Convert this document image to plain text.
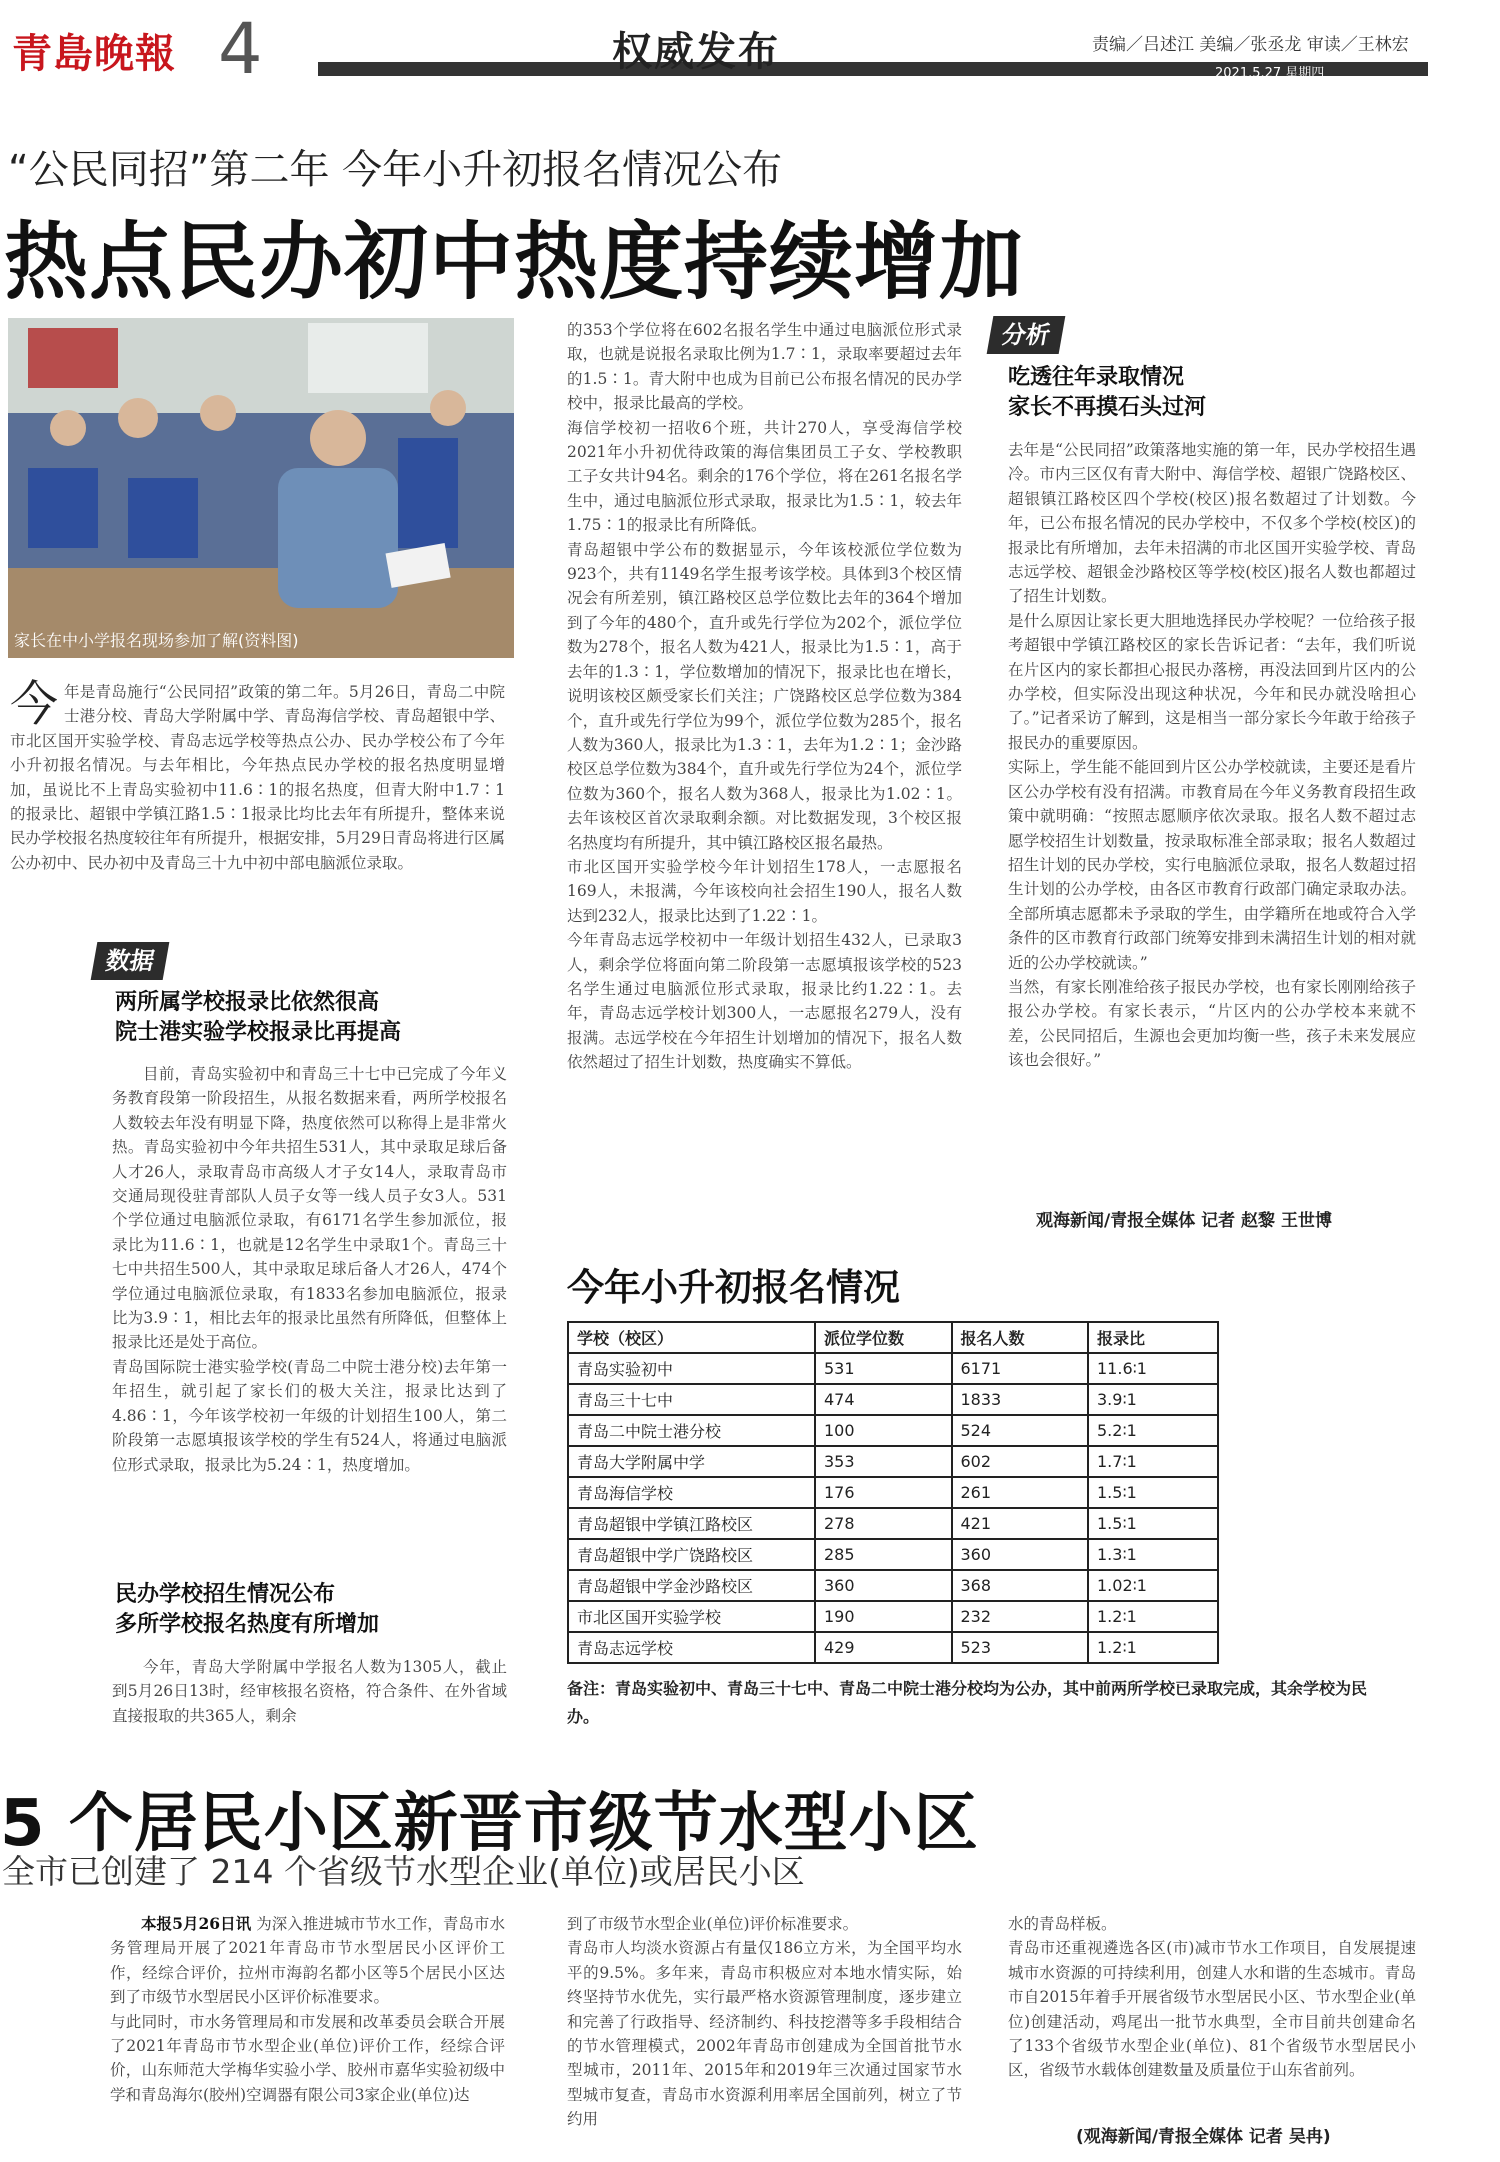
青島晚報 4	权威发布	责编／吕述江 美编／张丞龙 审读／王林宏
2021.5.27 星期四
“公民同招”第二年 今年小升初报名情况公布
热点民办初中热度持续增加
家长在中小学报名现场参加了解(资料图)
今 年是青岛施行“公民同招”政策的第二年。5月26日，青岛二中院士港分校、青岛大学附属中学、青岛海信学校、青岛超银中学、市北区国开实验学校、青岛志远学校等热点公办、民办学校公布了今年小升初报名情况。与去年相比，今年热点民办学校的报名热度明显增加，虽说比不上青岛实验初中11.6∶1的报名热度，但青大附中1.7∶1的报录比、超银中学镇江路1.5∶1报录比均比去年有所提升，整体来说民办学校报名热度较往年有所提升，根据安排，5月29日青岛将进行区属公办初中、民办初中及青岛三十九中初中部电脑派位录取。
数据
两所属学校报录比依然很高
院士港实验学校报录比再提高
目前，青岛实验初中和青岛三十七中已完成了今年义务教育段第一阶段招生，从报名数据来看，两所学校报名人数较去年没有明显下降，热度依然可以称得上是非常火热。青岛实验初中今年共招生531人，其中录取足球后备人才26人，录取青岛市高级人才子女14人，录取青岛市交通局现役驻青部队人员子女等一线人员子女3人。531个学位通过电脑派位录取，有6171名学生参加派位，报录比为11.6∶1，也就是12名学生中录取1个。青岛三十七中共招生500人，其中录取足球后备人才26人，474个学位通过电脑派位录取，有1833名参加电脑派位，报录比为3.9∶1，相比去年的报录比虽然有所降低，但整体上报录比还是处于高位。
青岛国际院士港实验学校(青岛二中院士港分校)去年第一年招生，就引起了家长们的极大关注，报录比达到了4.86∶1，今年该学校初一年级的计划招生100人，第二阶段第一志愿填报该学校的学生有524人，将通过电脑派位形式录取，报录比为5.24∶1，热度增加。
民办学校招生情况公布
多所学校报名热度有所增加
今年，青岛大学附属中学报名人数为1305人，截止到5月26日13时，经审核报名资格，符合条件、在外省域直接报取的共365人，剩余
的353个学位将在602名报名学生中通过电脑派位形式录取，也就是说报名录取比例为1.7∶1，录取率要超过去年的1.5∶1。青大附中也成为目前已公布报名情况的民办学校中，报录比最高的学校。
海信学校初一招收6个班，共计270人，享受海信学校2021年小升初优待政策的海信集团员工子女、学校教职工子女共计94名。剩余的176个学位，将在261名报名学生中，通过电脑派位形式录取，报录比为1.5∶1，较去年1.75∶1的报录比有所降低。
青岛超银中学公布的数据显示，今年该校派位学位数为923个，共有1149名学生报考该学校。具体到3个校区情况会有所差别，镇江路校区总学位数比去年的364个增加到了今年的480个，直升或先行学位为202个，派位学位数为278个，报名人数为421人，报录比为1.5∶1，高于去年的1.3∶1，学位数增加的情况下，报录比也在增长，说明该校区颇受家长们关注；广饶路校区总学位数为384个，直升或先行学位为99个，派位学位数为285个，报名人数为360人，报录比为1.3∶1，去年为1.2∶1；金沙路校区总学位数为384个，直升或先行学位为24个，派位学位数为360个，报名人数为368人，报录比为1.02∶1。去年该校区首次录取剩余额。对比数据发现，3个校区报名热度均有所提升，其中镇江路校区报名最热。
市北区国开实验学校今年计划招生178人，一志愿报名169人，未报满，今年该校向社会招生190人，报名人数达到232人，报录比达到了1.22∶1。
今年青岛志远学校初中一年级计划招生432人，已录取3人，剩余学位将面向第二阶段第一志愿填报该学校的523名学生通过电脑派位形式录取，报录比约1.22∶1。去年，青岛志远学校计划300人，一志愿报名279人，没有报满。志远学校在今年招生计划增加的情况下，报名人数依然超过了招生计划数，热度确实不算低。
分析
吃透往年录取情况
家长不再摸石头过河
去年是“公民同招”政策落地实施的第一年，民办学校招生遇冷。市内三区仅有青大附中、海信学校、超银广饶路校区、超银镇江路校区四个学校(校区)报名数超过了计划数。今年，已公布报名情况的民办学校中，不仅多个学校(校区)的报录比有所增加，去年未招满的市北区国开实验学校、青岛志远学校、超银金沙路校区等学校(校区)报名人数也都超过了招生计划数。
是什么原因让家长更大胆地选择民办学校呢？一位给孩子报考超银中学镇江路校区的家长告诉记者：“去年，我们听说在片区内的家长都担心报民办落榜，再没法回到片区内的公办学校，但实际没出现这种状况，今年和民办就没啥担心了。”记者采访了解到，这是相当一部分家长今年敢于给孩子报民办的重要原因。
实际上，学生能不能回到片区公办学校就读，主要还是看片区公办学校有没有招满。市教育局在今年义务教育段招生政策中就明确：“按照志愿顺序依次录取。报名人数不超过志愿学校招生计划数量，按录取标准全部录取；报名人数超过招生计划的民办学校，实行电脑派位录取，报名人数超过招生计划的公办学校，由各区市教育行政部门确定录取办法。全部所填志愿都未予录取的学生，由学籍所在地或符合入学条件的区市教育行政部门统筹安排到未满招生计划的相对就近的公办学校就读。”
当然，有家长刚准给孩子报民办学校，也有家长刚刚给孩子报公办学校。有家长表示，“片区内的公办学校本来就不差，公民同招后，生源也会更加均衡一些，孩子未来发展应该也会很好。”
观海新闻/青报全媒体 记者 赵黎 王世博
今年小升初报名情况
学校（校区）	派位学位数	报名人数	报录比
青岛实验初中	531	6171	11.6∶1
青岛三十七中	474	1833	3.9∶1
青岛二中院士港分校	100	524	5.2∶1
青岛大学附属中学	353	602	1.7∶1
青岛海信学校	176	261	1.5∶1
青岛超银中学镇江路校区	278	421	1.5∶1
青岛超银中学广饶路校区	285	360	1.3∶1
青岛超银中学金沙路校区	360	368	1.02∶1
市北区国开实验学校	190	232	1.2∶1
青岛志远学校	429	523	1.2∶1
备注：青岛实验初中、青岛三十七中、青岛二中院士港分校均为公办，其中前两所学校已录取完成，其余学校为民办。
5 个居民小区新晋市级节水型小区
全市已创建了 214 个省级节水型企业(单位)或居民小区
本报5月26日讯 为深入推进城市节水工作，青岛市水务管理局开展了2021年青岛市节水型居民小区评价工作，经综合评价，拉州市海韵名都小区等5个居民小区达到了市级节水型居民小区评价标准要求。
与此同时，市水务管理局和市发展和改革委员会联合开展了2021年青岛市节水型企业(单位)评价工作，经综合评价，山东师范大学梅华实验小学、胶州市嘉华实验初级中学和青岛海尔(胶州)空调器有限公司3家企业(单位)达
到了市级节水型企业(单位)评价标准要求。
青岛市人均淡水资源占有量仅186立方米，为全国平均水平的9.5%。多年来，青岛市积极应对本地水情实际，始终坚持节水优先，实行最严格水资源管理制度，逐步建立和完善了行政指导、经济制约、科技挖潜等多手段相结合的节水管理模式，2002年青岛市创建成为全国首批节水型城市，2011年、2015年和2019年三次通过国家节水型城市复查，青岛市水资源利用率居全国前列，树立了节约用
水的青岛样板。
青岛市还重视遴选各区(市)减市节水工作项目，自发展提速城市水资源的可持续利用，创建人水和谐的生态城市。青岛市自2015年着手开展省级节水型居民小区、节水型企业(单位)创建活动，鸡尾出一批节水典型，全市目前共创建命名了133个省级节水型企业(单位)、81个省级节水型居民小区，省级节水载体创建数量及质量位于山东省前列。
(观海新闻/青报全媒体 记者 吴冉)
